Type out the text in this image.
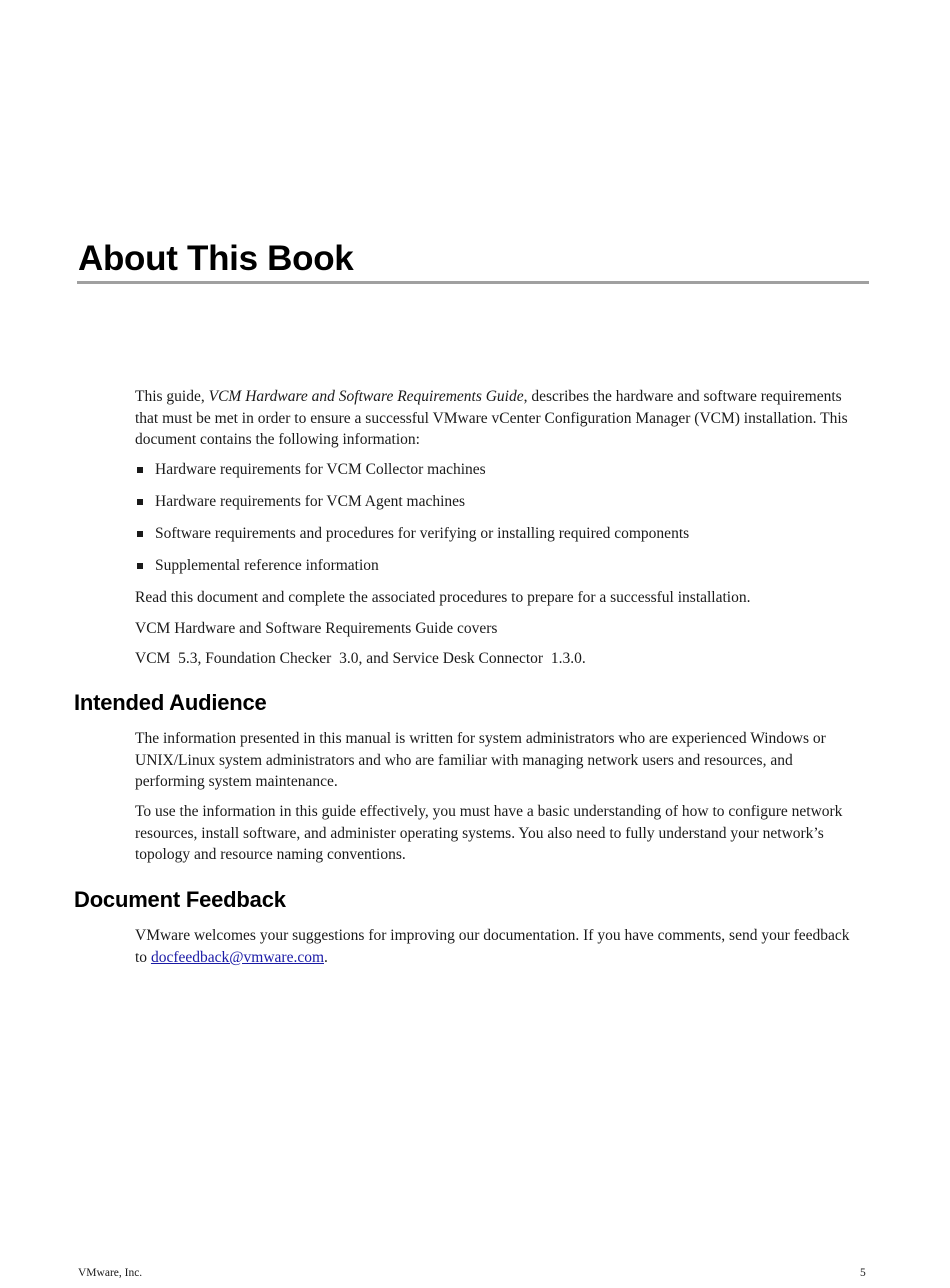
About This Book

This guide, VCM Hardware and Software Requirements Guide, describes the hardware and software requirements that must be met in order to ensure a successful VMware vCenter Configuration Manager (VCM) installation. This document contains the following information:

Hardware requirements for VCM Collector machines
Hardware requirements for VCM Agent machines
Software requirements and procedures for verifying or installing required components
Supplemental reference information

Read this document and complete the associated procedures to prepare for a successful installation.

VCM Hardware and Software Requirements Guide covers

VCM  5.3, Foundation Checker  3.0, and Service Desk Connector  1.3.0.

Intended Audience

The information presented in this manual is written for system administrators who are experienced Windows or UNIX/Linux system administrators and who are familiar with managing network users and resources, and performing system maintenance.

To use the information in this guide effectively, you must have a basic understanding of how to configure network resources, install software, and administer operating systems. You also need to fully understand your network’s topology and resource naming conventions.

Document Feedback

VMware welcomes your suggestions for improving our documentation. If you have comments, send your feedback to docfeedback@vmware.com.

VMware, Inc.	5
